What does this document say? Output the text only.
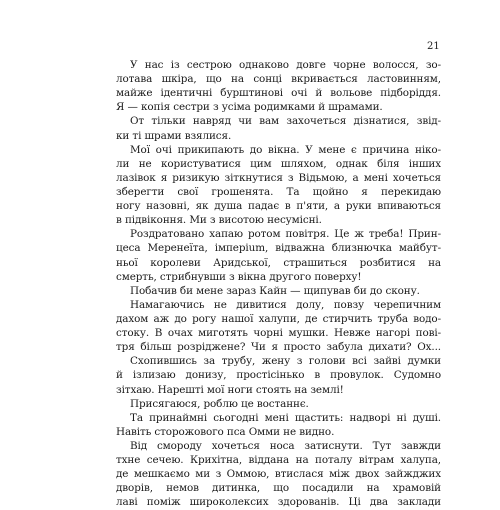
21
У нас із сестрою однаково довге чорне волосся, зо-
лотава шкіра, що на сонці вкривається ластовинням,
майже ідентичні бурштинові очі й вольове підборіддя.
Я — копія сестри з усіма родимками й шрамами.
От тільки навряд чи вам захочеться дізнатися, звід-
ки ті шрами взялися.
Мої очі прикипають до вікна. У мене є причина ніко-
ли не користуватися цим шляхом, однак біля інших
лазівок я ризикую зіткнутися з Відьмою, а мені хочеться
зберегти свої грошенята. Та щойно я перекидаю
ногу назовні, як душа падає в п'яти, а руки впиваються
в підвіконня. Ми з висотою несумісні.
Роздратовано хапаю ротом повітря. Це ж треба! Прин-
цеса Меренеїта, імперium, відважна близнючка майбут-
ньої королеви Аридської, страшиться розбитися на
смерть, стрибнувши з вікна другого поверху!
Побачив би мене зараз Кайн — щипував би до скону.
Намагаючись не дивитися долу, повзу черепичним
дахом аж до рогу нашої халупи, де стирчить труба водо-
стоку. В очах миготять чорні мушки. Невже нагорі пові-
тря більш розріджене? Чи я просто забула дихати? Ох...
Схопившись за трубу, жену з голови всі зайві думки
й ізлизаю донизу, простісінько в провулок. Судомно
зітхаю. Нарешті мої ноги стоять на землі!
Присягаюся, роблю це востаннє.
Та принаймні сьогодні мені щастить: надворі ні душі.
Навіть сторожового пса Омми не видно.
Від смороду хочеться носа затиснути. Тут завжди
тхне сечею. Крихітна, віддана на поталу вітрам халупа,
де мешкаємо ми з Оммою, втислася між двох зайжджих
дворів, немов дитинка, що посадили на храмовій
лаві поміж широколексих здорованів. Ці два заклади
